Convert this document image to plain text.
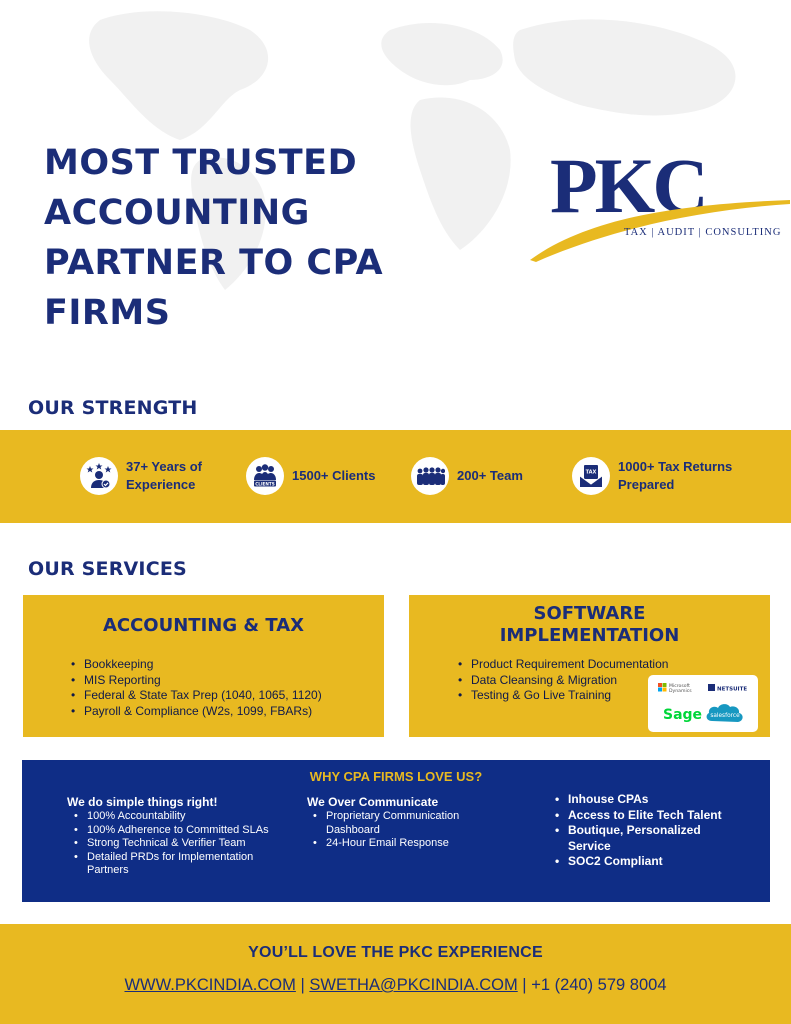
MOST TRUSTED
ACCOUNTING
PARTNER TO CPA
FIRMS
PKC
TAX | AUDIT | CONSULTING
OUR STRENGTH
37+ Years of
Experience	CLIENTS
1500+ Clients	200+ Team	TAX 1000+ Tax Returns
Prepared
OUR SERVICES
ACCOUNTING & TAX
• Bookkeeping
• MIS Reporting
• Federal & State Tax Prep (1040, 1065, 1120)
• Payroll & Compliance (W2s, 1099, FBARs)
SOFTWARE
IMPLEMENTATION
• Product Requirement Documentation
• Data Cleansing & Migration
• Testing & Go Live Training
Microsoft
Dynamics	NETSUITE
Sage salesforce
WHY CPA FIRMS LOVE US?
We do simple things right!
• 100% Accountability
• 100% Adherence to Committed SLAs
• Strong Technical & Verifier Team
• Detailed PRDs for Implementation Partners
We Over Communicate
• Proprietary Communication Dashboard
• 24-Hour Email Response
• Inhouse CPAs
• Access to Elite Tech Talent
• Boutique, Personalized Service
• SOC2 Compliant
YOU’LL LOVE THE PKC EXPERIENCE
WWW.PKCINDIA.COM | SWETHA@PKCINDIA.COM | +1 (240) 579 8004
